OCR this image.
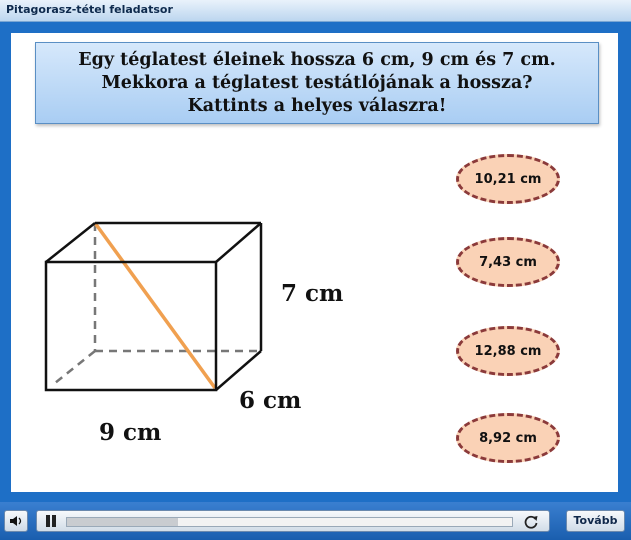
Pitagorasz-tétel feladatsor
Egy téglatest éleinek hossza 6 cm, 9 cm és 7 cm.
Mekkora a téglatest testátlójának a hossza?
Kattints a helyes válaszra!
7 cm
6 cm
9 cm
10,21 cm
7,43 cm
12,88 cm
8,92 cm
Tovább
